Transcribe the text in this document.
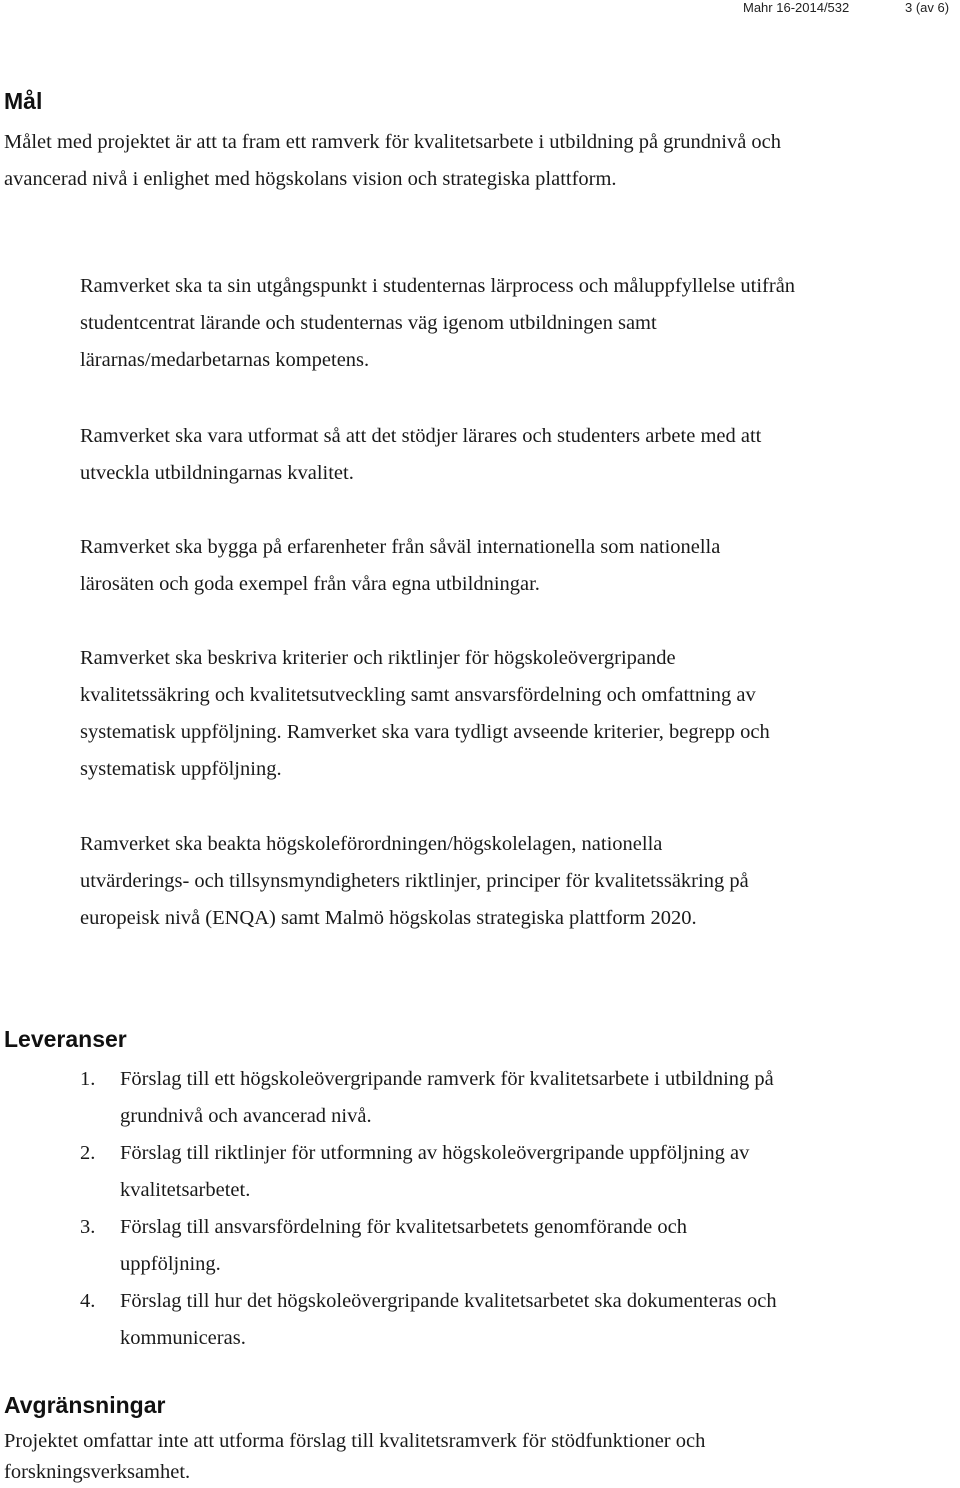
Mahr 16-2014/532	3 (av 6)
Mål
Målet med projektet är att ta fram ett ramverk för kvalitetsarbete i utbildning på grundnivå och avancerad nivå i enlighet med högskolans vision och strategiska plattform.
Ramverket ska ta sin utgångspunkt i studenternas lärprocess och måluppfyllelse utifrån studentcentrat lärande och studenternas väg igenom utbildningen samt lärarnas/medarbetarnas kompetens.
Ramverket ska vara utformat så att det stödjer lärares och studenters arbete med att utveckla utbildningarnas kvalitet.
Ramverket ska bygga på erfarenheter från såväl internationella som nationella lärosäten och goda exempel från våra egna utbildningar.
Ramverket ska beskriva kriterier och riktlinjer för högskoleövergripande kvalitetssäkring och kvalitetsutveckling samt ansvarsfördelning och omfattning av systematisk uppföljning. Ramverket ska vara tydligt avseende kriterier, begrepp och systematisk uppföljning.
Ramverket ska beakta högskoleförordningen/högskolelagen, nationella utvärderings- och tillsynsmyndigheters riktlinjer, principer för kvalitetssäkring på europeisk nivå (ENQA) samt Malmö högskolas strategiska plattform 2020.
Leveranser
1. Förslag till ett högskoleövergripande ramverk för kvalitetsarbete i utbildning på grundnivå och avancerad nivå.
2. Förslag till riktlinjer för utformning av högskoleövergripande uppföljning av kvalitetsarbetet.
3. Förslag till ansvarsfördelning för kvalitetsarbetets genomförande och uppföljning.
4. Förslag till hur det högskoleövergripande kvalitetsarbetet ska dokumenteras och kommuniceras.
Avgränsningar
Projektet omfattar inte att utforma förslag till kvalitetsramverk för stödfunktioner och forskningsverksamhet.
